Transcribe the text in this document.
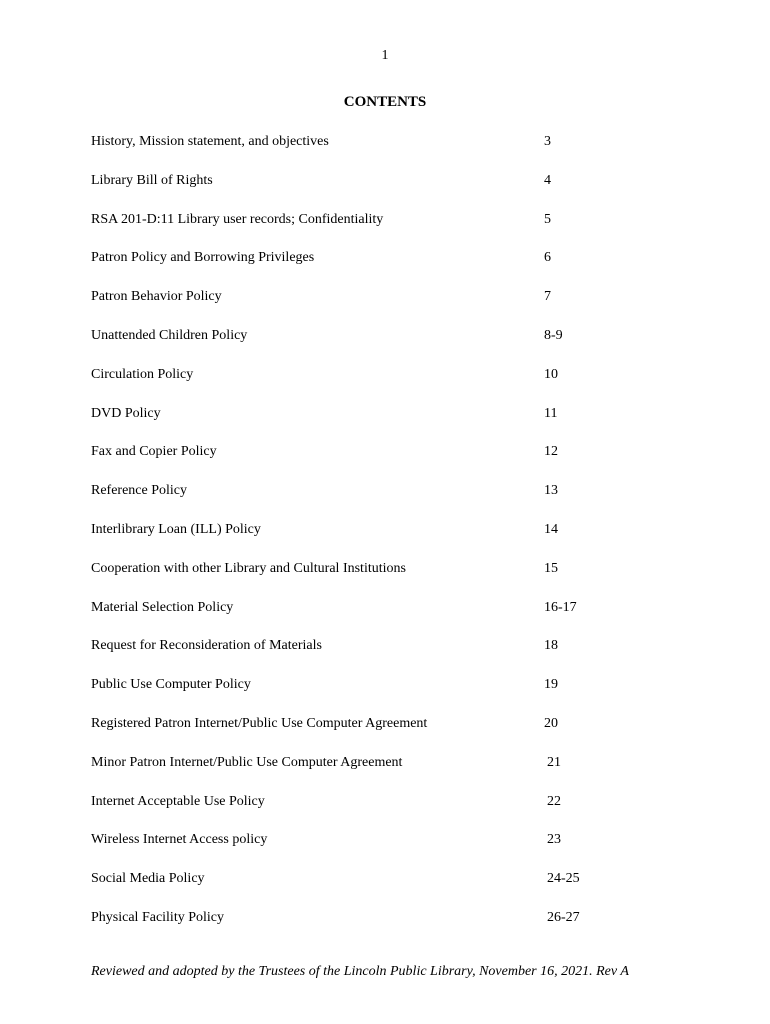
1
CONTENTS
History, Mission statement, and objectives	3
Library Bill of Rights	4
RSA 201-D:11 Library user records; Confidentiality	5
Patron Policy and Borrowing Privileges	6
Patron Behavior Policy	7
Unattended Children Policy	8-9
Circulation Policy	10
DVD Policy	11
Fax and Copier Policy	12
Reference Policy	13
Interlibrary Loan (ILL) Policy	14
Cooperation with other Library and Cultural Institutions	15
Material Selection Policy	16-17
Request for Reconsideration of Materials	18
Public Use Computer Policy	19
Registered Patron Internet/Public Use Computer Agreement	20
Minor Patron Internet/Public Use Computer Agreement	21
Internet Acceptable Use Policy	22
Wireless Internet Access policy	23
Social Media Policy	24-25
Physical Facility Policy	26-27
Reviewed and adopted by the Trustees of the Lincoln Public Library, November 16, 2021. Rev A
